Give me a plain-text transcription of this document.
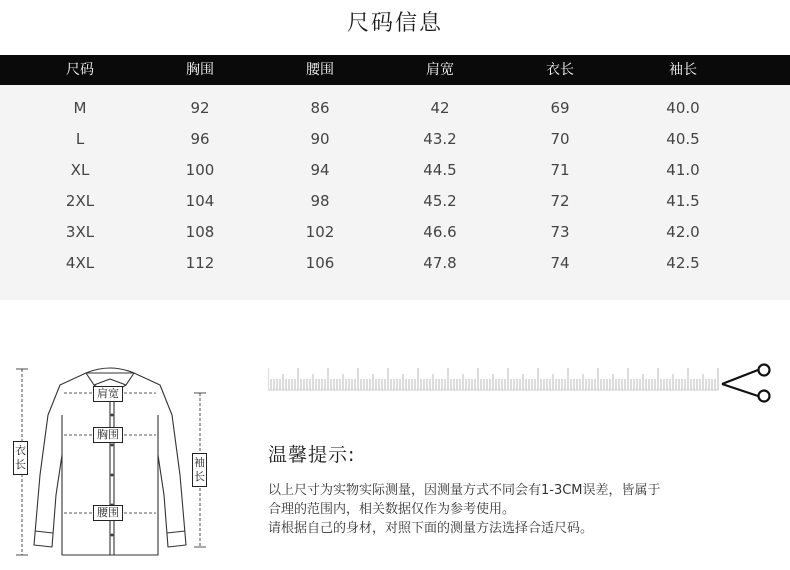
尺码信息
尺码	胸围	腰围	肩宽	衣长	袖长
M	92	86	42	69	40.0
L	96	90	43.2	70	40.5
XL	100	94	44.5	71	41.0
2XL	104	98	45.2	72	41.5
3XL	108	102	46.6	73	42.0
4XL	112	106	47.8	74	42.5
肩宽
胸围
腰围
衣
长	袖
长
温馨提示:
以上尺寸为实物实际测量，因测量方式不同会有1-3CM误差，皆属于
合理的范围内，相关数据仅作为参考使用。
请根据自己的身材，对照下面的测量方法选择合适尺码。
